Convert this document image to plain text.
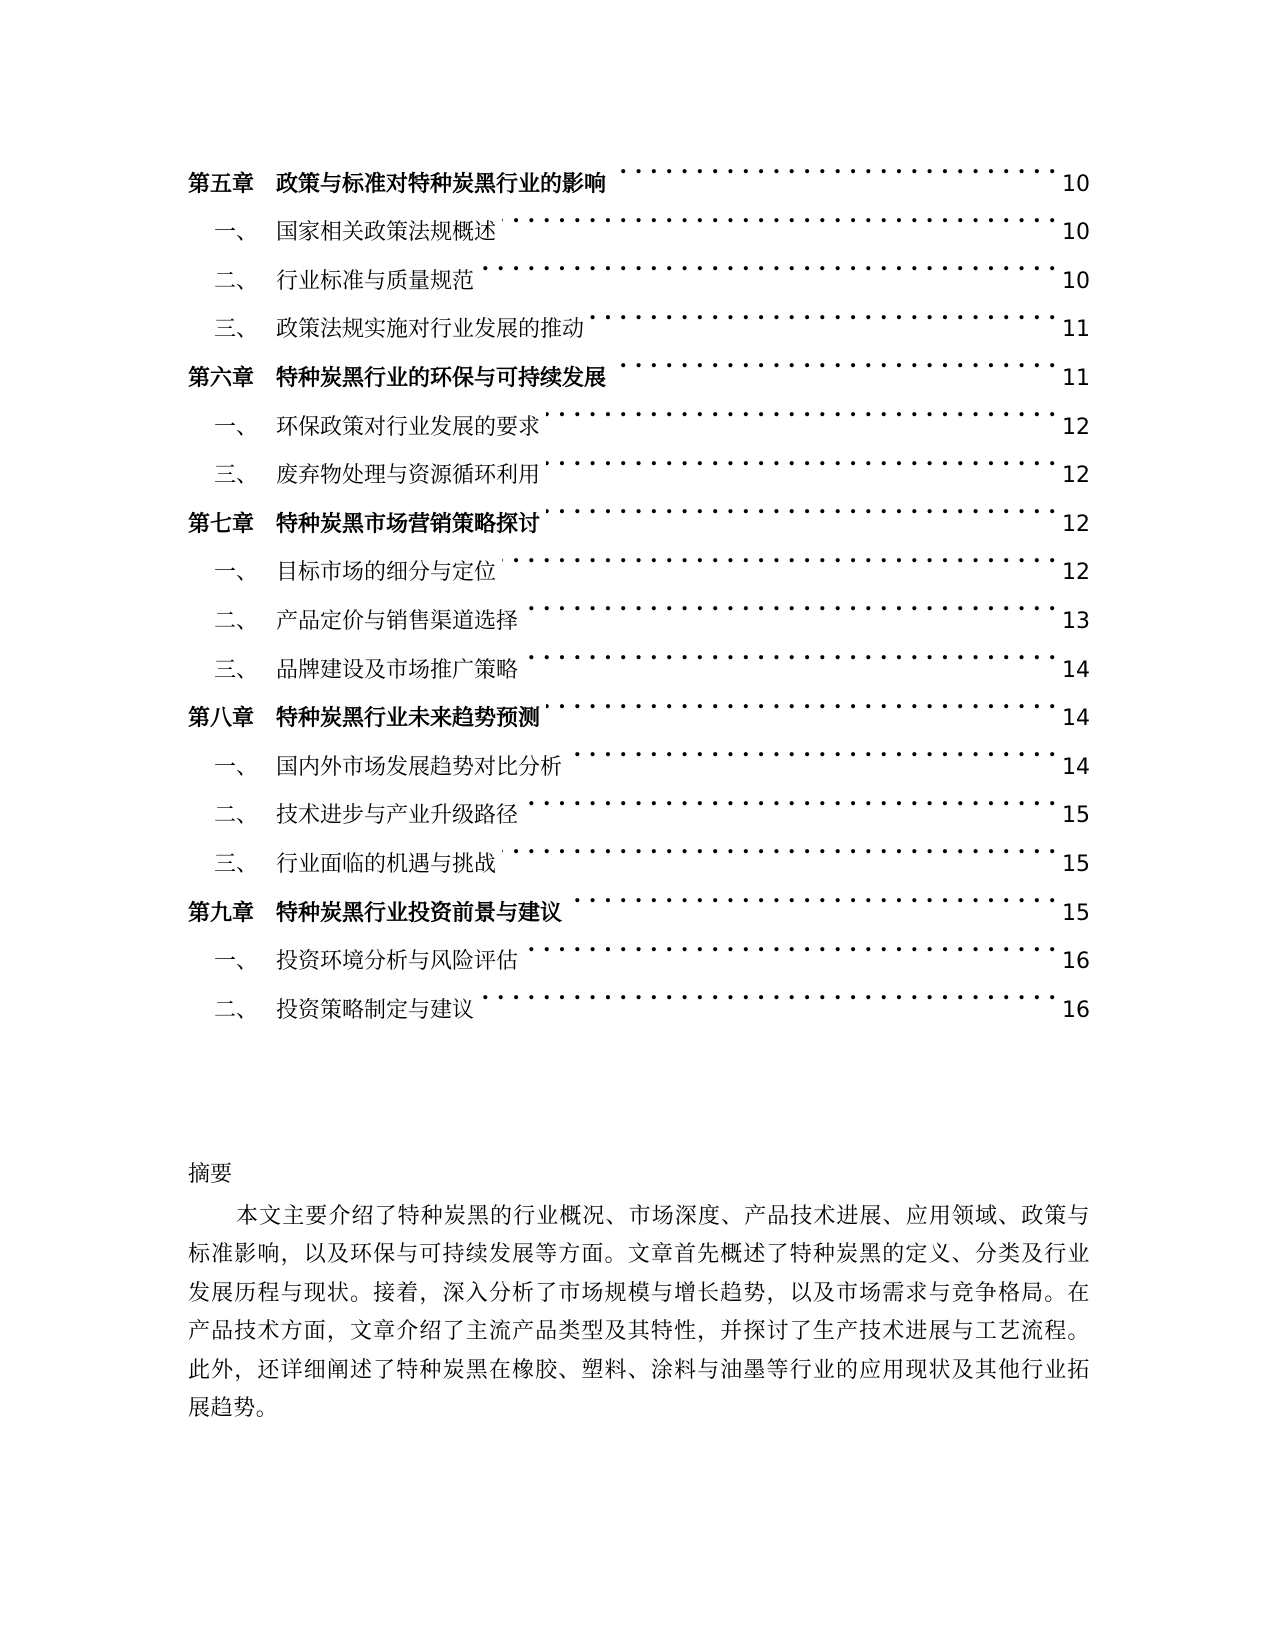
第五章 政策与标准对特种炭黑行业的影响 . . .	10
一、 国家相关政策法规概述 . . .	10
二、 行业标准与质量规范 . . .	10
三、 政策法规实施对行业发展的推动 . . .	11
第六章 特种炭黑行业的环保与可持续发展 . . .	11
一、 环保政策对行业发展的要求 . . .	12
三、 废弃物处理与资源循环利用 . . .	12
第七章 特种炭黑市场营销策略探讨 . . .	12
一、 目标市场的细分与定位 . . .	12
二、 产品定价与销售渠道选择 . . .	13
三、 品牌建设及市场推广策略 . . .	14
第八章 特种炭黑行业未来趋势预测 . . .	14
一、 国内外市场发展趋势对比分析 . . .	14
二、 技术进步与产业升级路径 . . .	15
三、 行业面临的机遇与挑战 . . .	15
第九章 特种炭黑行业投资前景与建议 . . .	15
一、 投资环境分析与风险评估 . . .	16
二、 投资策略制定与建议 . . .	16
摘要

本文主要介绍了特种炭黑的行业概况、市场深度、产品技术进展、应用领域、政策与标准影响，以及环保与可持续发展等方面。文章首先概述了特种炭黑的定义、分类及行业发展历程与现状。接着，深入分析了市场规模与增长趋势，以及市场需求与竞争格局。在产品技术方面，文章介绍了主流产品类型及其特性，并探讨了生产技术进展与工艺流程。此外，还详细阐述了特种炭黑在橡胶、塑料、涂料与油墨等行业的应用现状及其他行业拓展趋势。
